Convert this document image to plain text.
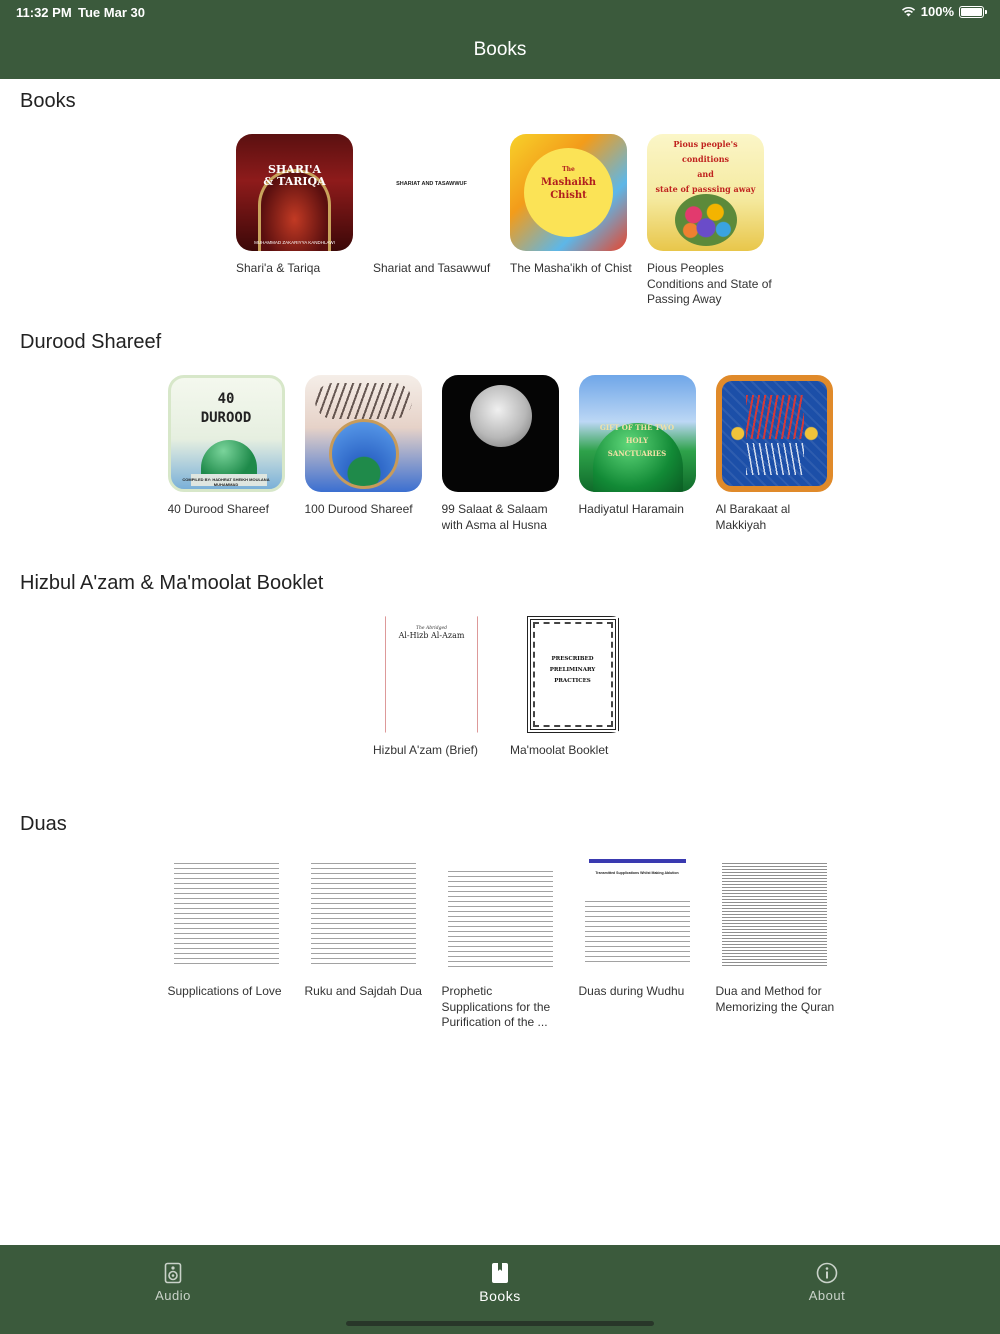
11:32 PM Tue Mar 30	100%
Books
Books
SHARI'A
& TARIQA
MUHAMMAD ZAKARIYYA KANDHLAWI
Shari'a & Tariqa
SHARIAT AND TASAWWUF
Shariat and Tasawwuf
The
Mashaikh
Chisht
The Masha'ikh of Chist
Pious people's conditions
and
state of passsing away
Pious Peoples Conditions and State of Passing Away
Durood Shareef
40
DUROOD
COMPILED BY: HADHRAT SHEIKH MOULANA MUHAMMAD
40 Durood Shareef	100 Durood Shareef	99 Salaat & Salaam with Asma al Husna
GIFT OF THE TWO
HOLY SANCTUARIES
Hadiyatul Haramain	Al Barakaat al Makkiyah
Hizbul A'zam & Ma'moolat Booklet
The Abridged
Al-Hizb Al-Azam
Hizbul A'zam (Brief)
PRESCRIBED
PRELIMINARY
PRACTICES
Ma'moolat Booklet
Duas
Supplications of Love	Ruku and Sajdah Dua	Prophetic Supplications for the Purification of the ...
Transmitted Supplications Whilst Making Ablution
Duas during Wudhu	Dua and Method for Memorizing the Quran
Audio	Books	About
